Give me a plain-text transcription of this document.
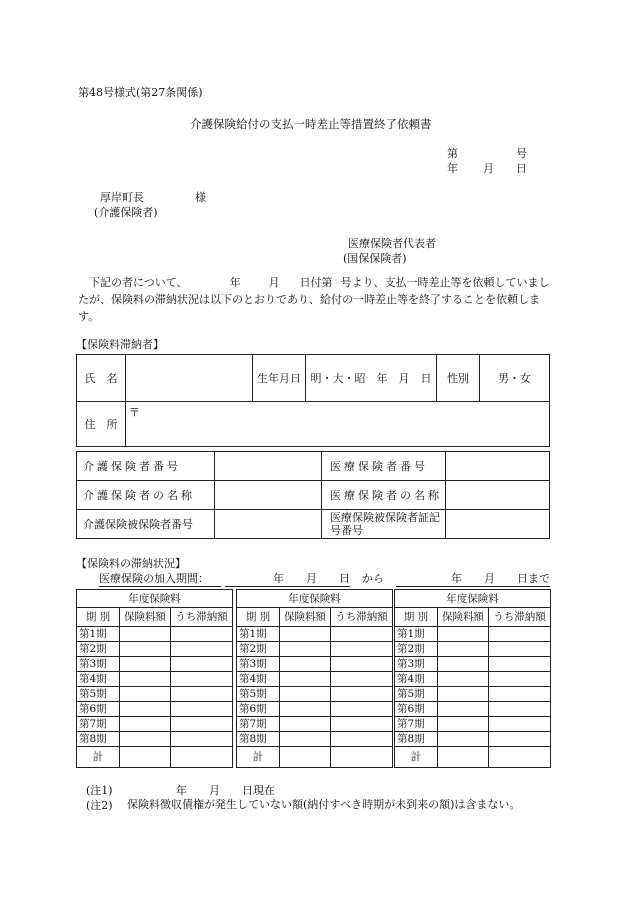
第48号様式(第27条関係)
介護保険給付の支払一時差止等措置終了依頼書
第	号
年 月 日
厚岸町長	様
(介護保険者)
医療保険者代表者
(国保保険者)
下記の者について、	年	月 日付第 号より、支払一時差止等を依頼していましたが、保険料の滞納状況は以下のとおりであり、給付の一時差止等を終了することを依頼します。
【保険料滞納者】
氏　名		生年月日	明・大・昭　年　月　日	性別	男・女
住　所	〒				
介護保険者番号		医療保険者番号	
介護保険者の名称		医療保険者の名称	
介護保険被保険者番号		医療保険被保険者証記号番号	
【保険料の滞納状況】
医療保険の加入期間：	年　　月　　日 から	年　　月　　日まで
年度保険料		
期 別	保険料額	うち滞納額
第1期		
第2期		
第3期		
第4期		
第5期		
第6期		
第7期		
第8期		
計		
年度保険料		
期 別	保険料額	うち滞納額
第1期		
第2期		
第3期		
第4期		
第5期		
第6期		
第7期		
第8期		
計		
年度保険料		
期 別	保険料額	うち滞納額
第1期		
第2期		
第3期		
第4期		
第5期		
第6期		
第7期		
第8期		
計		
(注1)	年　　月　　日現在
(注2) 保険料徴収債権が発生していない額(納付すべき時期が未到来の額)は含まない。
